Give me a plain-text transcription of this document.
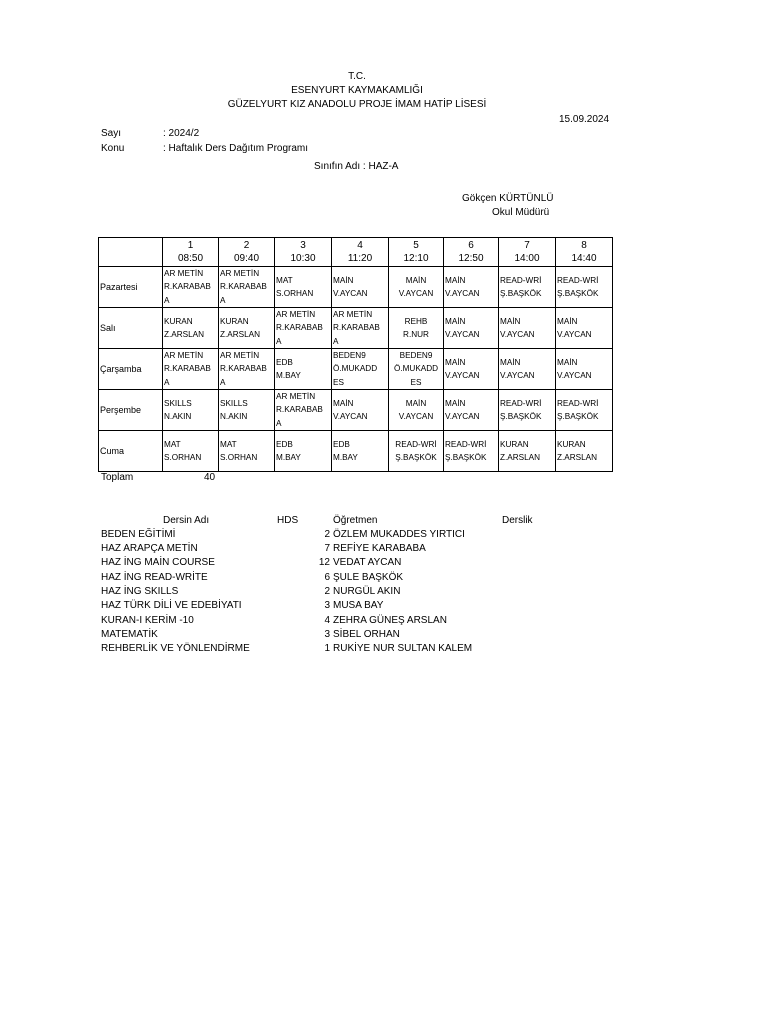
T.C.
ESENYURT KAYMAKAMLIĞI
GÜZELYURT KIZ ANADOLU PROJE İMAM HATİP LİSESİ
15.09.2024
Sayı	: 2024/2
Konu	: Haftalık Ders Dağıtım Programı
Sınıfın Adı : HAZ-A
Gökçen KÜRTÜNLÜ
Okul Müdürü

	1
08:50	2
09:40	3
10:30	4
11:20	5
12:10	6
12:50	7
14:00	8
14:40

Pazartesi	AR METİN
R.KARABAB
A	AR METİN
R.KARABAB
A	MAT
S.ORHAN	MAİN
V.AYCAN	MAİN
V.AYCAN	MAİN
V.AYCAN	READ-WRİ
Ş.BAŞKÖK	READ-WRİ
Ş.BAŞKÖK

Salı	KURAN
Z.ARSLAN	KURAN
Z.ARSLAN	AR METİN
R.KARABAB
A	AR METİN
R.KARABAB
A	REHB
R.NUR	MAİN
V.AYCAN	MAİN
V.AYCAN	MAİN
V.AYCAN

Çarşamba	AR METİN
R.KARABAB
A	AR METİN
R.KARABAB
A	EDB
M.BAY	BEDEN9
Ö.MUKADD
ES	BEDEN9
Ö.MUKADD
ES	MAİN
V.AYCAN	MAİN
V.AYCAN	MAİN
V.AYCAN

Perşembe	SKILLS
N.AKIN	SKILLS
N.AKIN	AR METİN
R.KARABAB
A	MAİN
V.AYCAN	MAİN
V.AYCAN	MAİN
V.AYCAN	READ-WRİ
Ş.BAŞKÖK	READ-WRİ
Ş.BAŞKÖK

Cuma	MAT
S.ORHAN	MAT
S.ORHAN	EDB
M.BAY	EDB
M.BAY	READ-WRİ
Ş.BAŞKÖK	READ-WRİ
Ş.BAŞKÖK	KURAN
Z.ARSLAN	KURAN
Z.ARSLAN
Toplam	40
Dersin Adı	HDS	Öğretmen	Derslik
BEDEN EĞİTİMİ	2 ÖZLEM MUKADDES YIRTICI
HAZ ARAPÇA METİN	7 REFİYE KARABABA
HAZ İNG MAİN COURSE	12 VEDAT AYCAN
HAZ İNG READ-WRİTE	6 ŞULE BAŞKÖK
HAZ İNG SKILLS	2 NURGÜL AKIN
HAZ TÜRK DİLİ VE EDEBİYATI	3 MUSA BAY
KURAN-I KERİM -10	4 ZEHRA GÜNEŞ ARSLAN
MATEMATİK	3 SİBEL ORHAN
REHBERLİK VE YÖNLENDİRME	1 RUKİYE NUR SULTAN KALEM
